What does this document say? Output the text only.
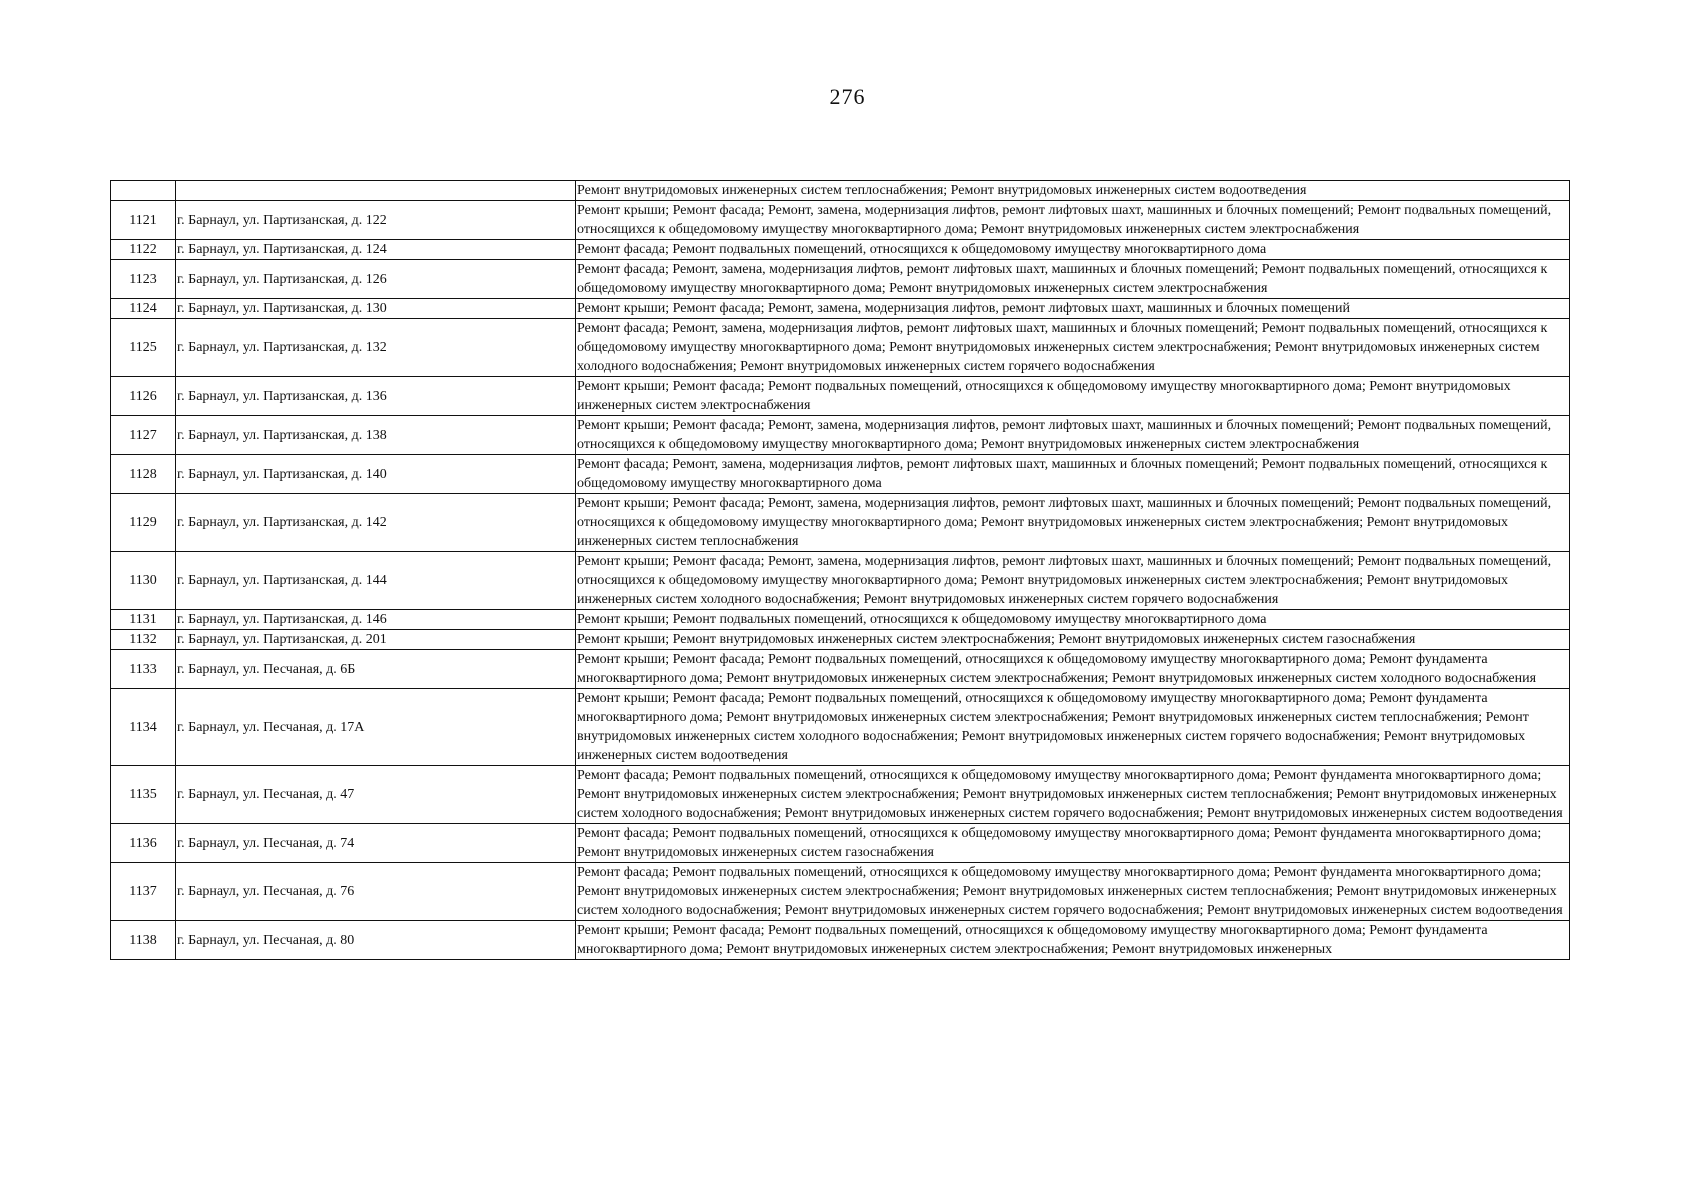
276
		Ремонт внутридомовых инженерных систем теплоснабжения; Ремонт внутридомовых инженерных систем водоотведения
1121	г. Барнаул, ул. Партизанская, д. 122	Ремонт крыши; Ремонт фасада; Ремонт, замена, модернизация лифтов, ремонт лифтовых шахт, машинных и блочных помещений; Ремонт подвальных помещений, относящихся к общедомовому имуществу многоквартирного дома; Ремонт внутридомовых инженерных систем электроснабжения
1122	г. Барнаул, ул. Партизанская, д. 124	Ремонт фасада; Ремонт подвальных помещений, относящихся к общедомовому имуществу многоквартирного дома
1123	г. Барнаул, ул. Партизанская, д. 126	Ремонт фасада; Ремонт, замена, модернизация лифтов, ремонт лифтовых шахт, машинных и блочных помещений; Ремонт подвальных помещений, относящихся к общедомовому имуществу многоквартирного дома; Ремонт внутридомовых инженерных систем электроснабжения
1124	г. Барнаул, ул. Партизанская, д. 130	Ремонт крыши; Ремонт фасада; Ремонт, замена, модернизация лифтов, ремонт лифтовых шахт, машинных и блочных помещений
1125	г. Барнаул, ул. Партизанская, д. 132	Ремонт фасада; Ремонт, замена, модернизация лифтов, ремонт лифтовых шахт, машинных и блочных помещений; Ремонт подвальных помещений, относящихся к общедомовому имуществу многоквартирного дома; Ремонт внутридомовых инженерных систем электроснабжения; Ремонт внутридомовых инженерных систем холодного водоснабжения; Ремонт внутридомовых инженерных систем горячего водоснабжения
1126	г. Барнаул, ул. Партизанская, д. 136	Ремонт крыши; Ремонт фасада; Ремонт подвальных помещений, относящихся к общедомовому имуществу многоквартирного дома; Ремонт внутридомовых инженерных систем электроснабжения
1127	г. Барнаул, ул. Партизанская, д. 138	Ремонт крыши; Ремонт фасада; Ремонт, замена, модернизация лифтов, ремонт лифтовых шахт, машинных и блочных помещений; Ремонт подвальных помещений, относящихся к общедомовому имуществу многоквартирного дома; Ремонт внутридомовых инженерных систем электроснабжения
1128	г. Барнаул, ул. Партизанская, д. 140	Ремонт фасада; Ремонт, замена, модернизация лифтов, ремонт лифтовых шахт, машинных и блочных помещений; Ремонт подвальных помещений, относящихся к общедомовому имуществу многоквартирного дома
1129	г. Барнаул, ул. Партизанская, д. 142	Ремонт крыши; Ремонт фасада; Ремонт, замена, модернизация лифтов, ремонт лифтовых шахт, машинных и блочных помещений; Ремонт подвальных помещений, относящихся к общедомовому имуществу многоквартирного дома; Ремонт внутридомовых инженерных систем электроснабжения; Ремонт внутридомовых инженерных систем теплоснабжения
1130	г. Барнаул, ул. Партизанская, д. 144	Ремонт крыши; Ремонт фасада; Ремонт, замена, модернизация лифтов, ремонт лифтовых шахт, машинных и блочных помещений; Ремонт подвальных помещений, относящихся к общедомовому имуществу многоквартирного дома; Ремонт внутридомовых инженерных систем электроснабжения; Ремонт внутридомовых инженерных систем холодного водоснабжения; Ремонт внутридомовых инженерных систем горячего водоснабжения
1131	г. Барнаул, ул. Партизанская, д. 146	Ремонт крыши; Ремонт подвальных помещений, относящихся к общедомовому имуществу многоквартирного дома
1132	г. Барнаул, ул. Партизанская, д. 201	Ремонт крыши; Ремонт внутридомовых инженерных систем электроснабжения; Ремонт внутридомовых инженерных систем газоснабжения
1133	г. Барнаул, ул. Песчаная, д. 6Б	Ремонт крыши; Ремонт фасада; Ремонт подвальных помещений, относящихся к общедомовому имуществу многоквартирного дома; Ремонт фундамента многоквартирного дома; Ремонт внутридомовых инженерных систем электроснабжения; Ремонт внутридомовых инженерных систем холодного водоснабжения
1134	г. Барнаул, ул. Песчаная, д. 17А	Ремонт крыши; Ремонт фасада; Ремонт подвальных помещений, относящихся к общедомовому имуществу многоквартирного дома; Ремонт фундамента многоквартирного дома; Ремонт внутридомовых инженерных систем электроснабжения; Ремонт внутридомовых инженерных систем теплоснабжения; Ремонт внутридомовых инженерных систем холодного водоснабжения; Ремонт внутридомовых инженерных систем горячего водоснабжения; Ремонт внутридомовых инженерных систем водоотведения
1135	г. Барнаул, ул. Песчаная, д. 47	Ремонт фасада; Ремонт подвальных помещений, относящихся к общедомовому имуществу многоквартирного дома; Ремонт фундамента многоквартирного дома; Ремонт внутридомовых инженерных систем электроснабжения; Ремонт внутридомовых инженерных систем теплоснабжения; Ремонт внутридомовых инженерных систем холодного водоснабжения; Ремонт внутридомовых инженерных систем горячего водоснабжения; Ремонт внутридомовых инженерных систем водоотведения
1136	г. Барнаул, ул. Песчаная, д. 74	Ремонт фасада; Ремонт подвальных помещений, относящихся к общедомовому имуществу многоквартирного дома; Ремонт фундамента многоквартирного дома; Ремонт внутридомовых инженерных систем газоснабжения
1137	г. Барнаул, ул. Песчаная, д. 76	Ремонт фасада; Ремонт подвальных помещений, относящихся к общедомовому имуществу многоквартирного дома; Ремонт фундамента многоквартирного дома; Ремонт внутридомовых инженерных систем электроснабжения; Ремонт внутридомовых инженерных систем теплоснабжения; Ремонт внутридомовых инженерных систем холодного водоснабжения; Ремонт внутридомовых инженерных систем горячего водоснабжения; Ремонт внутридомовых инженерных систем водоотведения
1138	г. Барнаул, ул. Песчаная, д. 80	Ремонт крыши; Ремонт фасада; Ремонт подвальных помещений, относящихся к общедомовому имуществу многоквартирного дома; Ремонт фундамента многоквартирного дома; Ремонт внутридомовых инженерных систем электроснабжения; Ремонт внутридомовых инженерных
